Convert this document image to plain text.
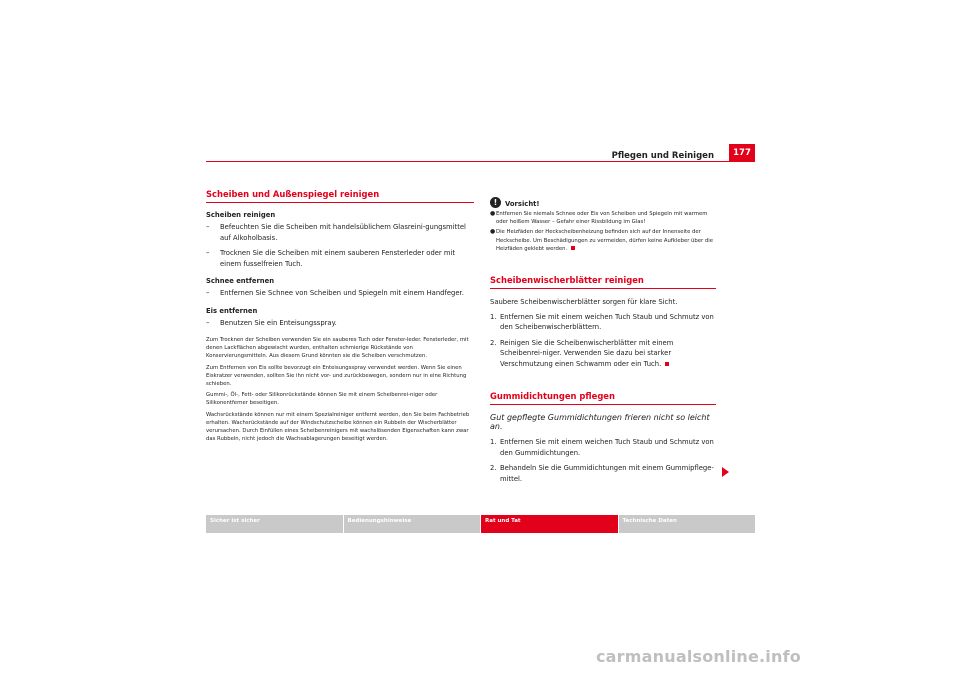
Pflegen und Reinigen	177
Scheiben und Außenspiegel reinigen
Scheiben reinigen
– Befeuchten Sie die Scheiben mit handelsüblichem Glasreini-gungsmittel auf Alkoholbasis.
– Trocknen Sie die Scheiben mit einem sauberen Fensterleder oder mit einem fusselfreien Tuch.
Schnee entfernen
– Entfernen Sie Schnee von Scheiben und Spiegeln mit einem Handfeger.
Eis entfernen
– Benutzen Sie ein Enteisungsspray.

Zum Trocknen der Scheiben verwenden Sie ein sauberes Tuch oder Fenster-leder. Fensterleder, mit denen Lackflächen abgewischt wurden, enthalten schmierige Rückstände von Konservierungsmitteln. Aus diesem Grund könnten sie die Scheiben verschmutzen.

Zum Entfernen von Eis sollte bevorzugt ein Enteisungsspray verwendet werden. Wenn Sie einen Eiskratzer verwenden, sollten Sie ihn nicht vor- und zurückbewegen, sondern nur in eine Richtung schieben.

Gummi-, Öl-, Fett- oder Silikonrückstände können Sie mit einem Scheibenrei-niger oder Silikonentferner beseitigen.

Wachsrückstände können nur mit einem Spezialreiniger entfernt werden, den Sie beim Fachbetrieb erhalten. Wachsrückstände auf der Windschutzscheibe können ein Rubbeln der Wischerblätter verursachen. Durch Einfüllen eines Scheibenreinigers mit wachslösenden Eigenschaften kann zwar das Rubbeln, nicht jedoch die Wachsablagerungen beseitigt werden.

!	Vorsicht!
● Entfernen Sie niemals Schnee oder Eis von Scheiben und Spiegeln mit warmem oder heißem Wasser – Gefahr einer Rissbildung im Glas!
● Die Heizfäden der Heckscheibenheizung befinden sich auf der Innenseite der Heckscheibe. Um Beschädigungen zu vermeiden, dürfen keine Aufkleber über die Heizfäden geklebt werden.
Scheibenwischerblätter reinigen

Saubere Scheibenwischerblätter sorgen für klare Sicht.

1. Entfernen Sie mit einem weichen Tuch Staub und Schmutz von den Scheibenwischerblättern.
2. Reinigen Sie die Scheibenwischerblätter mit einem Scheibenrei-niger. Verwenden Sie dazu bei starker Verschmutzung einen Schwamm oder ein Tuch.
Gummidichtungen pflegen

Gut gepflegte Gummidichtungen frieren nicht so leicht an.

1. Entfernen Sie mit einem weichen Tuch Staub und Schmutz von den Gummidichtungen.
2. Behandeln Sie die Gummidichtungen mit einem Gummipflege-mittel.
Sicher ist sicher	Bedienungshinweise	Rat und Tat	Technische Daten
carmanualsonline.info
